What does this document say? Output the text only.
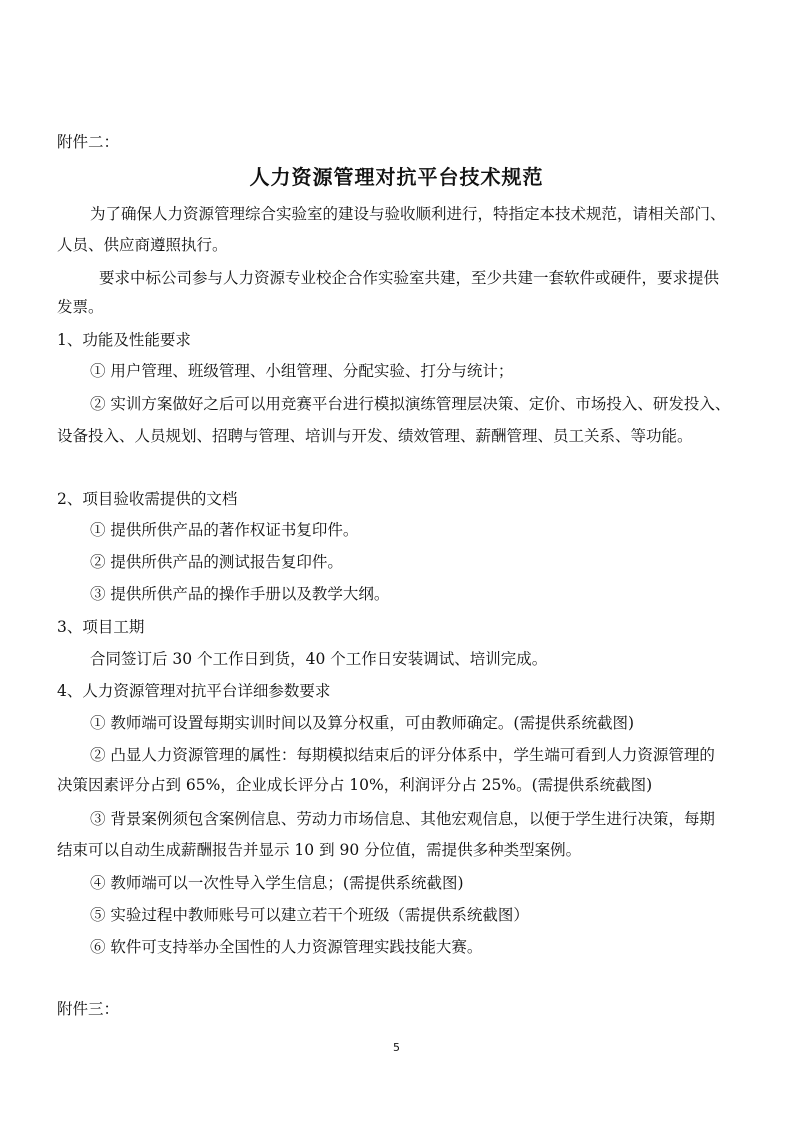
附件二：
人力资源管理对抗平台技术规范
为了确保人力资源管理综合实验室的建设与验收顺利进行，特指定本技术规范，请相关部门、
人员、供应商遵照执行。
要求中标公司参与人力资源专业校企合作实验室共建，至少共建一套软件或硬件，要求提供
发票。
1、功能及性能要求
① 用户管理、班级管理、小组管理、分配实验、打分与统计；
② 实训方案做好之后可以用竞赛平台进行模拟演练管理层决策、定价、市场投入、研发投入、
设备投入、人员规划、招聘与管理、培训与开发、绩效管理、薪酬管理、员工关系、等功能。
2、项目验收需提供的文档
① 提供所供产品的著作权证书复印件。
② 提供所供产品的测试报告复印件。
③ 提供所供产品的操作手册以及教学大纲。
3、项目工期
合同签订后 30 个工作日到货，40 个工作日安装调试、培训完成。
4、人力资源管理对抗平台详细参数要求
① 教师端可设置每期实训时间以及算分权重，可由教师确定。(需提供系统截图)
② 凸显人力资源管理的属性：每期模拟结束后的评分体系中，学生端可看到人力资源管理的
决策因素评分占到 65%，企业成长评分占 10%，利润评分占 25%。(需提供系统截图)
③ 背景案例须包含案例信息、劳动力市场信息、其他宏观信息，以便于学生进行决策，每期
结束可以自动生成薪酬报告并显示 10 到 90 分位值，需提供多种类型案例。
④ 教师端可以一次性导入学生信息；(需提供系统截图)
⑤ 实验过程中教师账号可以建立若干个班级（需提供系统截图）
⑥ 软件可支持举办全国性的人力资源管理实践技能大赛。
附件三：
5
